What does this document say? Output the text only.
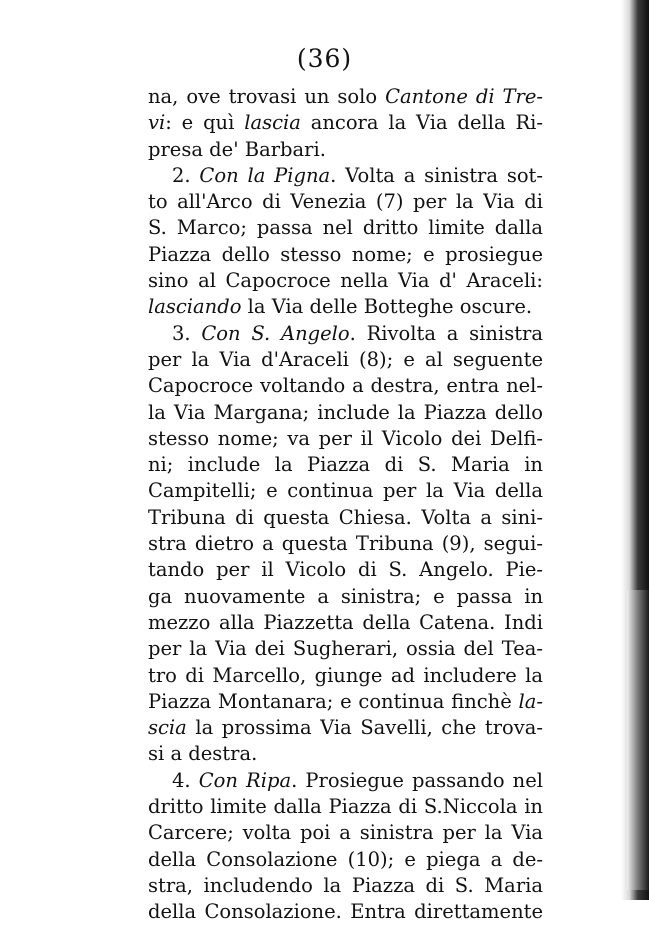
(36)
na, ove trovasi un solo Cantone di Tre-
vi: e quì lascia ancora la Via della Ri-
presa de' Barbari.
2. Con la Pigna. Volta a sinistra sot-
to all'Arco di Venezia (7) per la Via di
S. Marco; passa nel dritto limite dalla
Piazza dello stesso nome; e prosiegue
sino al Capocroce nella Via d' Araceli:
lasciando la Via delle Botteghe oscure.
3. Con S. Angelo. Rivolta a sinistra
per la Via d'Araceli (8); e al seguente
Capocroce voltando a destra, entra nel-
la Via Margana; include la Piazza dello
stesso nome; va per il Vicolo dei Delfi-
ni; include la Piazza di S. Maria in
Campitelli; e continua per la Via della
Tribuna di questa Chiesa. Volta a sini-
stra dietro a questa Tribuna (9), segui-
tando per il Vicolo di S. Angelo. Pie-
ga nuovamente a sinistra; e passa in
mezzo alla Piazzetta della Catena. Indi
per la Via dei Sugherari, ossia del Tea-
tro di Marcello, giunge ad includere la
Piazza Montanara; e continua finchè la-
scia la prossima Via Savelli, che trova-
si a destra.
4. Con Ripa. Prosiegue passando nel
dritto limite dalla Piazza di S.Niccola in
Carcere; volta poi a sinistra per la Via
della Consolazione (10); e piega a de-
stra, includendo la Piazza di S. Maria
della Consolazione. Entra direttamente
